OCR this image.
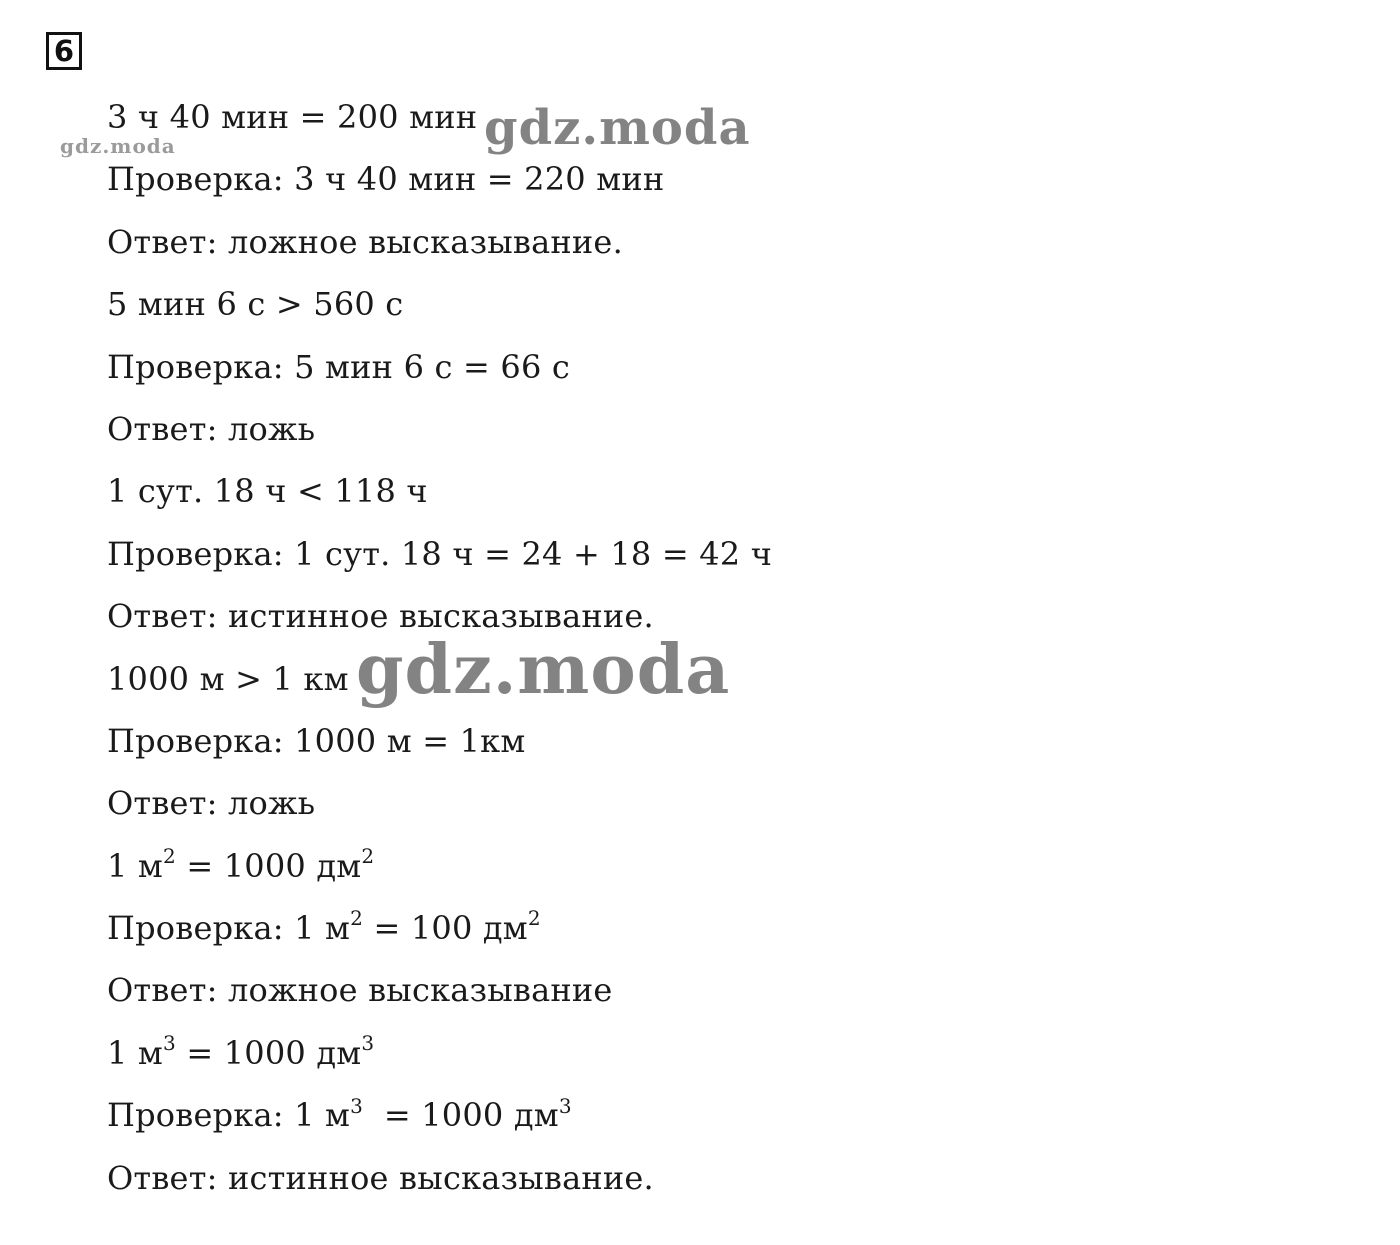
6
3 ч 40 мин = 200 мин
Проверка: 3 ч 40 мин = 220 мин
Ответ: ложное высказывание.
5 мин 6 с > 560 с
Проверка: 5 мин 6 с = 66 с
Ответ: ложь
1 сут. 18 ч < 118 ч
Проверка: 1 сут. 18 ч = 24 + 18 = 42 ч
Ответ: истинное высказывание.
1000 м > 1 км
Проверка: 1000 м = 1км
Ответ: ложь
1 $м^2 = 1000$ $дм^2$
Проверка: 1 $м^2 = 100$ $дм^2$
Ответ: ложное высказывание
1 $м^3 = 1000$ $дм^3$
Проверка: 1 $м^3 = 1000$ $дм^3$
Ответ: истинное высказывание.
gdz.moda	gdz.moda
gdz.moda
